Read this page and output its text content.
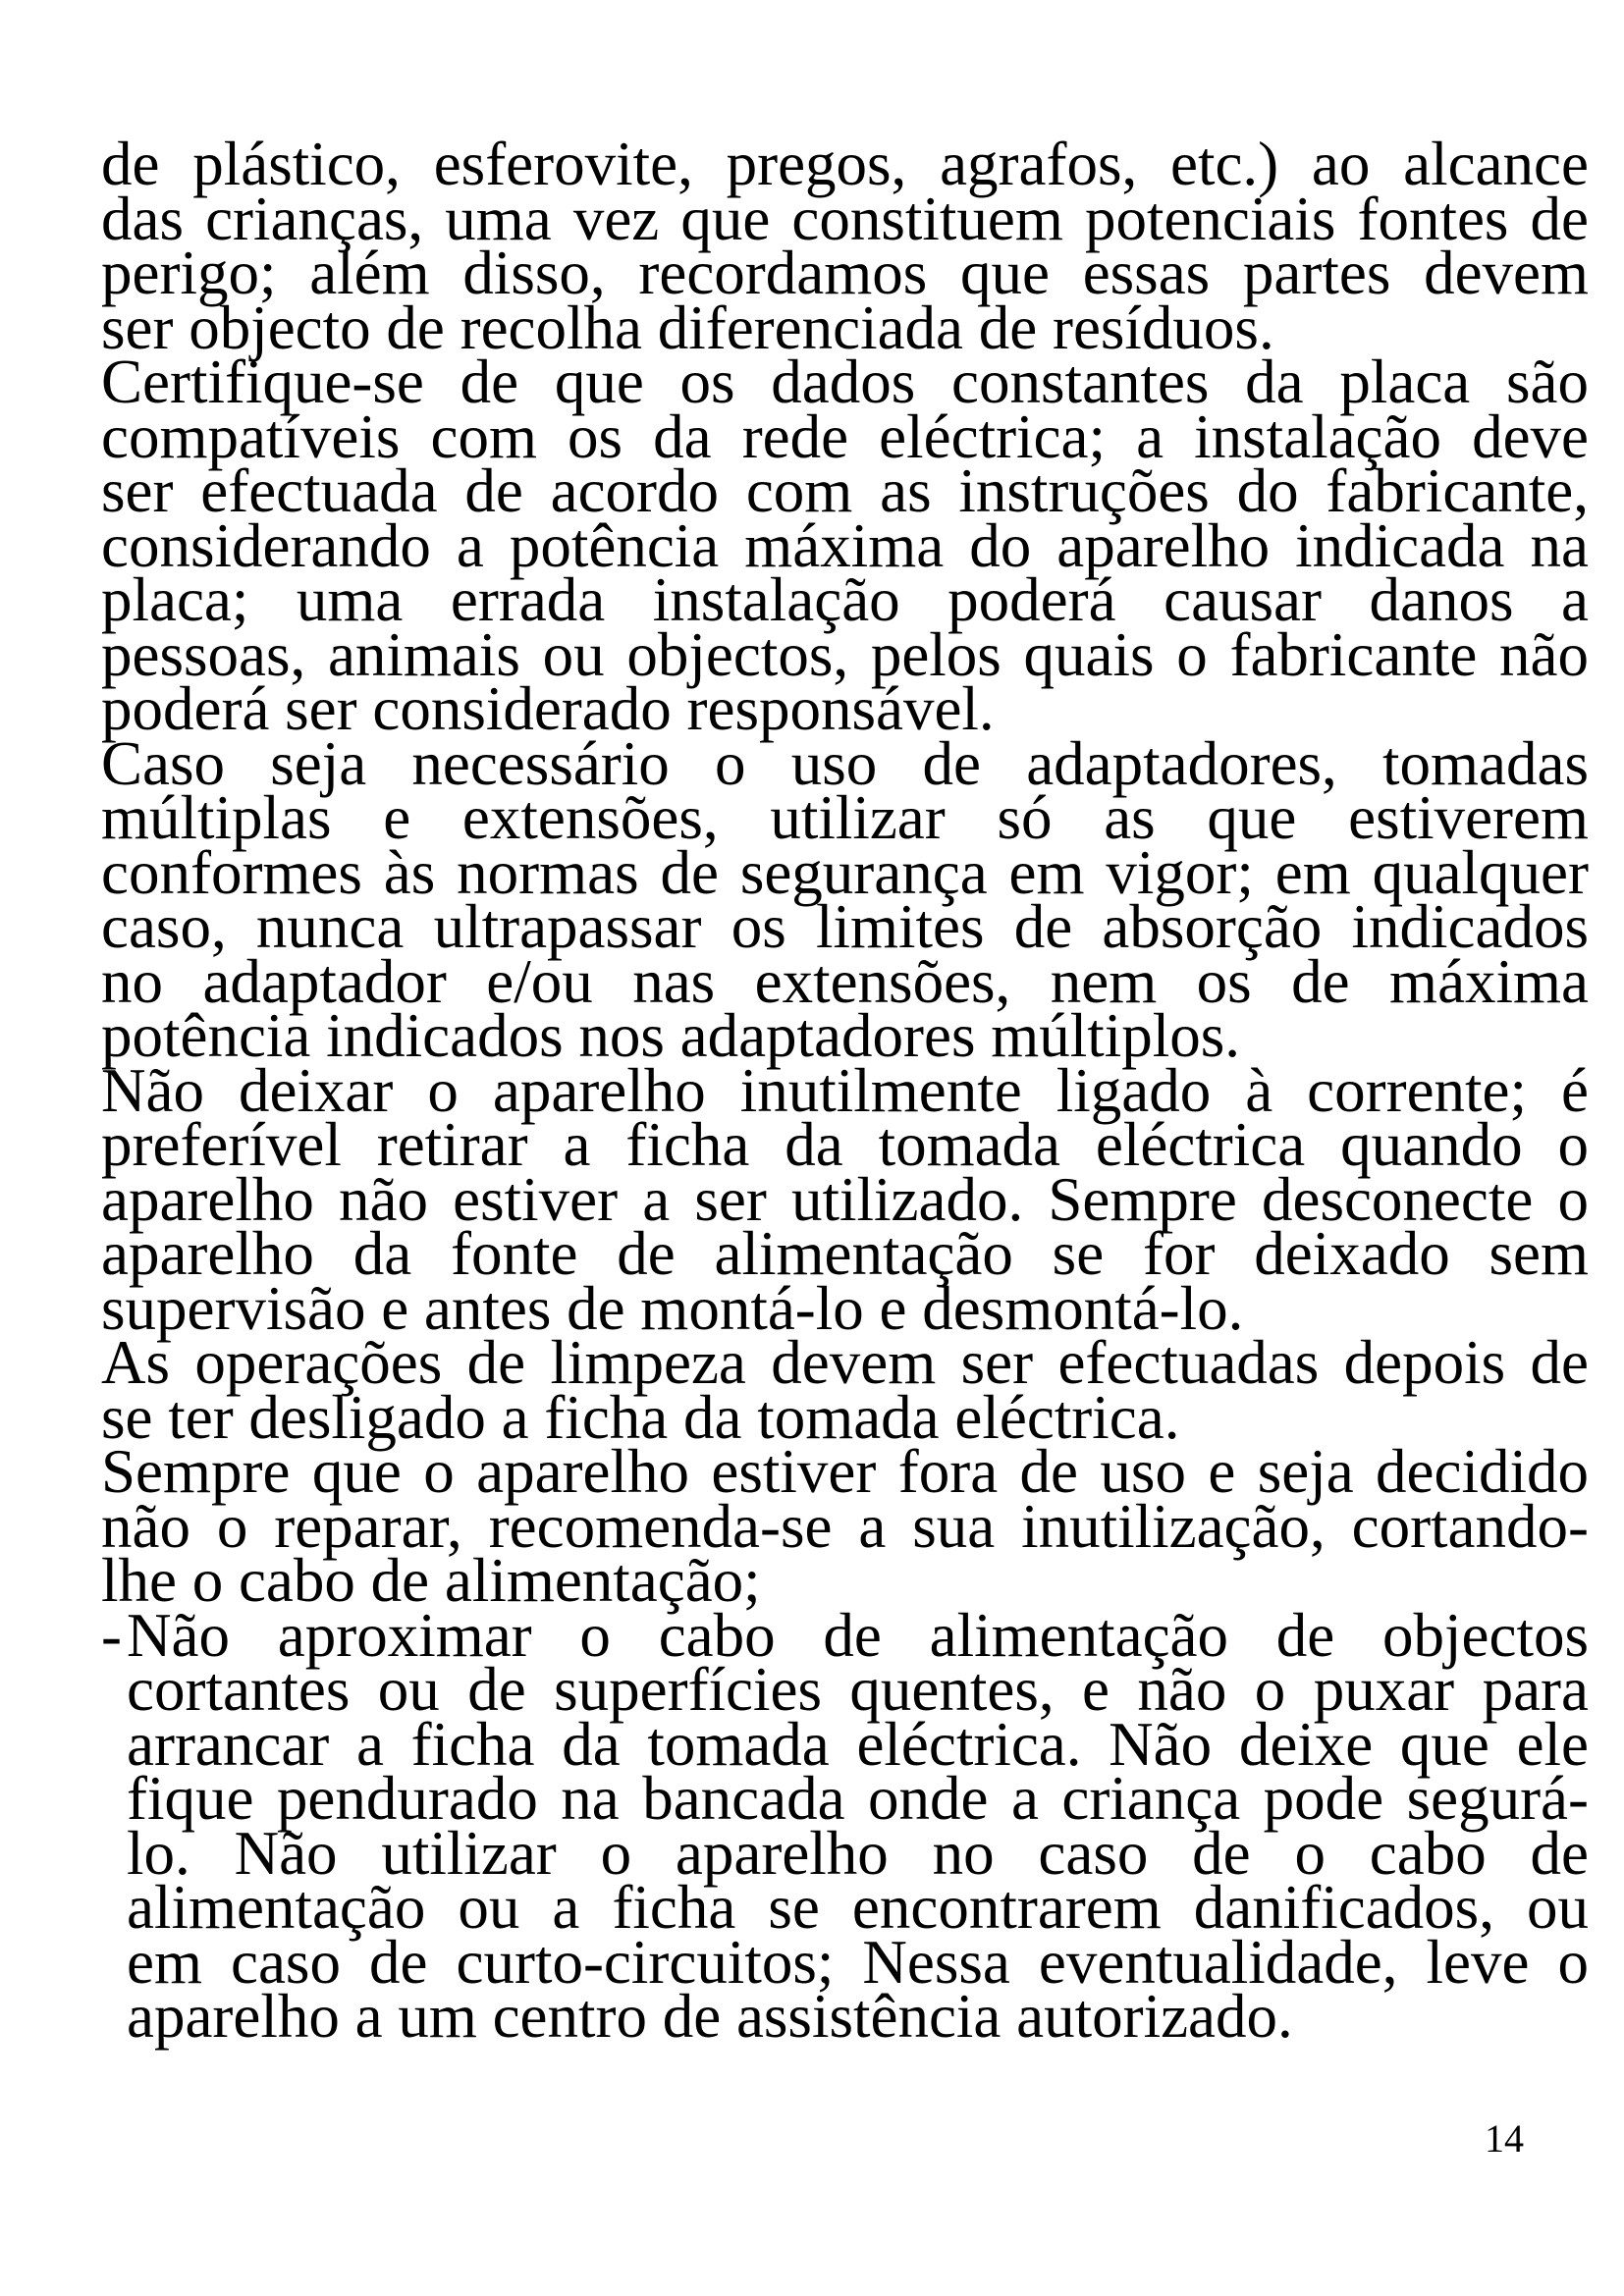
de plástico, esferovite, pregos, agrafos, etc.) ao alcance
das crianças, uma vez que constituem potenciais fontes de
perigo; além disso, recordamos que essas partes devem
ser objecto de recolha diferenciada de resíduos.
Certifique-se de que os dados constantes da placa são
compatíveis com os da rede eléctrica; a instalação deve
ser efectuada de acordo com as instruções do fabricante,
considerando a potência máxima do aparelho indicada na
placa; uma errada instalação poderá causar danos a
pessoas, animais ou objectos, pelos quais o fabricante não
poderá ser considerado responsável.
Caso seja necessário o uso de adaptadores, tomadas
múltiplas e extensões, utilizar só as que estiverem
conformes às normas de segurança em vigor; em qualquer
caso, nunca ultrapassar os limites de absorção indicados
no adaptador e/ou nas extensões, nem os de máxima
potência indicados nos adaptadores múltiplos.
Não deixar o aparelho inutilmente ligado à corrente; é
preferível retirar a ficha da tomada eléctrica quando o
aparelho não estiver a ser utilizado. Sempre desconecte o
aparelho da fonte de alimentação se for deixado sem
supervisão e antes de montá-lo e desmontá-lo.
As operações de limpeza devem ser efectuadas depois de
se ter desligado a ficha da tomada eléctrica.
Sempre que o aparelho estiver fora de uso e seja decidido
não o reparar, recomenda-se a sua inutilização, cortando-
lhe o cabo de alimentação;
- Não aproximar o cabo de alimentação de objectos
cortantes ou de superfícies quentes, e não o puxar para
arrancar a ficha da tomada eléctrica. Não deixe que ele
fique pendurado na bancada onde a criança pode segurá-
lo. Não utilizar o aparelho no caso de o cabo de
alimentação ou a ficha se encontrarem danificados, ou
em caso de curto-circuitos; Nessa eventualidade, leve o
aparelho a um centro de assistência autorizado.
14
